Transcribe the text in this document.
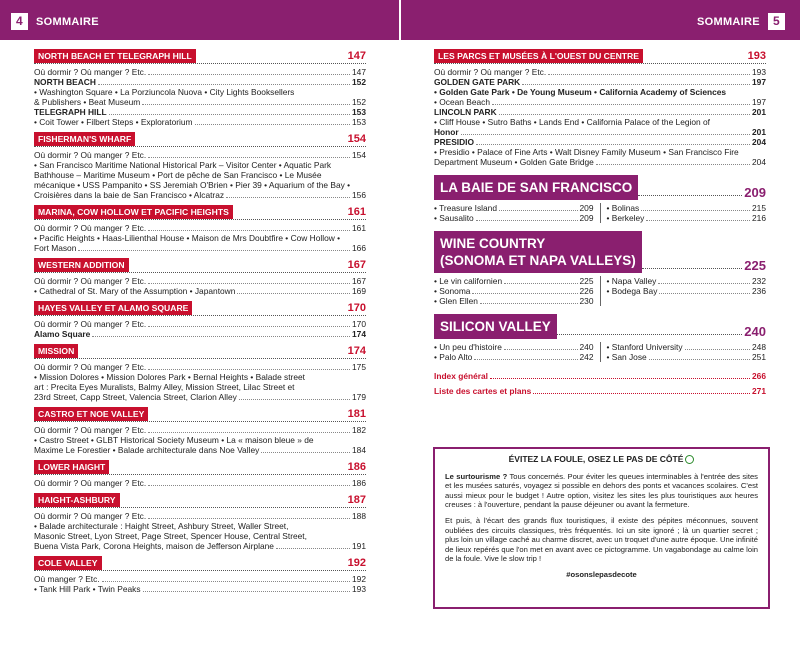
4 SOMMAIRE	SOMMAIRE 5
NORTH BEACH ET TELEGRAPH HILL	147
Où dormir ? Où manger ? Etc.	147
NORTH BEACH	152
• Washington Square • La Porziuncola Nuova • City Lights Booksellers
& Publishers • Beat Museum	152
TELEGRAPH HILL	153
• Coit Tower • Filbert Steps • Exploratorium	153
FISHERMAN'S WHARF	154
Où dormir ? Où manger ? Etc.	154
• San Francisco Maritime National Historical Park – Visitor Center • Aquatic Park
Bathhouse – Maritime Museum • Port de pêche de San Francisco • Le Musée
mécanique • USS Pampanito • SS Jeremiah O'Brien • Pier 39 • Aquarium of the Bay •
Croisières dans la baie de San Francisco • Alcatraz	156
MARINA, COW HOLLOW ET PACIFIC HEIGHTS	161
Où dormir ? Où manger ? Etc.	161
• Pacific Heights • Haas-Lilienthal House • Maison de Mrs Doubtfire • Cow Hollow •
Fort Mason	166
WESTERN ADDITION	167
Où dormir ? Où manger ? Etc.	167
• Cathedral of St. Mary of the Assumption • Japantown	169
HAYES VALLEY ET ALAMO SQUARE	170
Où dormir ? Où manger ? Etc.	170
Alamo Square	174
MISSION	174
Où dormir ? Où manger ? Etc.	175
• Mission Dolores • Mission Dolores Park • Bernal Heights • Balade street
art : Precita Eyes Muralists, Balmy Alley, Mission Street, Lilac Street et
23rd Street, Capp Street, Valencia Street, Clarion Alley	179
CASTRO ET NOE VALLEY	181
Où dormir ? Où manger ? Etc.	182
• Castro Street • GLBT Historical Society Museum • La « maison bleue » de
Maxime Le Forestier • Balade architecturale dans Noe Valley	184
LOWER HAIGHT	186
Où dormir ? Où manger ? Etc.	186
HAIGHT-ASHBURY	187
Où dormir ? Où manger ? Etc.	188
• Balade architecturale : Haight Street, Ashbury Street, Waller Street,
Masonic Street, Lyon Street, Page Street, Spencer House, Central Street,
Buena Vista Park, Corona Heights, maison de Jefferson Airplane	191
COLE VALLEY	192
Où manger ? Etc.	192
• Tank Hill Park • Twin Peaks	193
LES PARCS ET MUSÉES À L'OUEST DU CENTRE	193
Où dormir ? Où manger ? Etc.	193
GOLDEN GATE PARK	197
• Golden Gate Park • De Young Museum • California Academy of Sciences
• Ocean Beach	197
LINCOLN PARK	201
• Cliff House • Sutro Baths • Lands End • California Palace of the Legion of
Honor	201
PRESIDIO	204
• Presidio • Palace of Fine Arts • Walt Disney Family Museum • San Francisco Fire
Department Museum • Golden Gate Bridge	204
LA BAIE DE SAN FRANCISCO	209
• Treasure Island	209
• Sausalito	209
• Bolinas	215
• Berkeley	216
WINE COUNTRY
(SONOMA ET NAPA VALLEYS)	225
• Le vin californien	225
• Sonoma	226
• Glen Ellen	230
• Napa Valley	232
• Bodega Bay	236
SILICON VALLEY	240
• Un peu d'histoire	240
• Palo Alto	242
• Stanford University	248
• San Jose	251
Index général	266
Liste des cartes et plans	271
ÉVITEZ LA FOULE, OSEZ LE PAS DE CÔTÉ

Le surtourisme ? Tous concernés. Pour éviter les queues interminables à l'entrée des sites et les musées saturés, voyagez si possible en dehors des ponts et vacances scolaires. C'est aussi mieux pour le budget ! Autre option, visitez les sites les plus touristiques aux heures creuses : à l'ouverture, pendant la pause déjeuner ou avant la fermeture.

Et puis, à l'écart des grands flux touristiques, il existe des pépites méconnues, souvent oubliées des circuits classiques, très fréquentés. Ici un site ignoré ; là un quartier secret ; plus loin un village caché au charme discret, avec un troquet d'une autre époque. Une infinité de lieux repérés que l'on met en avant avec ce pictogramme. Un vagabondage au calme loin de la foule. Vive le slow trip !

#osonslepasdecote
